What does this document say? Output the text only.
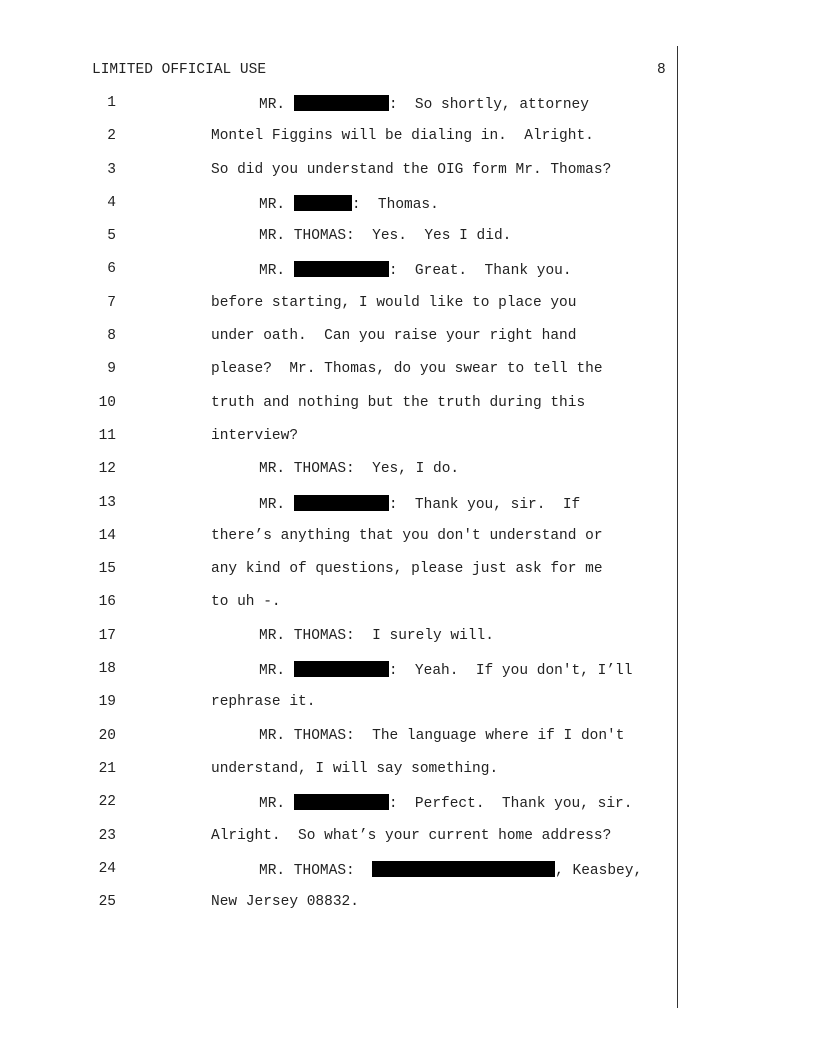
LIMITED OFFICIAL USE	8
1	MR.	:  So shortly, attorney
2	Montel Figgins will be dialing in.  Alright.
3	So did you understand the OIG form Mr. Thomas?
4	MR.	:  Thomas.
5	MR. THOMAS:  Yes.  Yes I did.
6	MR.	:  Great.  Thank you.
7	before starting, I would like to place you
8	under oath.  Can you raise your right hand
9	please?  Mr. Thomas, do you swear to tell the
10	truth and nothing but the truth during this
11	interview?
12	MR. THOMAS:  Yes, I do.
13	MR.	:  Thank you, sir.  If
14	there’s anything that you don't understand or
15	any kind of questions, please just ask for me
16	to uh -.
17	MR. THOMAS:  I surely will.
18	MR.	:  Yeah.  If you don't, I’ll
19	rephrase it.
20	MR. THOMAS:  The language where if I don't
21	understand, I will say something.
22	MR.	:  Perfect.  Thank you, sir.
23	Alright.  So what’s your current home address?
24	MR. THOMAS:	, Keasbey,
25	New Jersey 08832.
